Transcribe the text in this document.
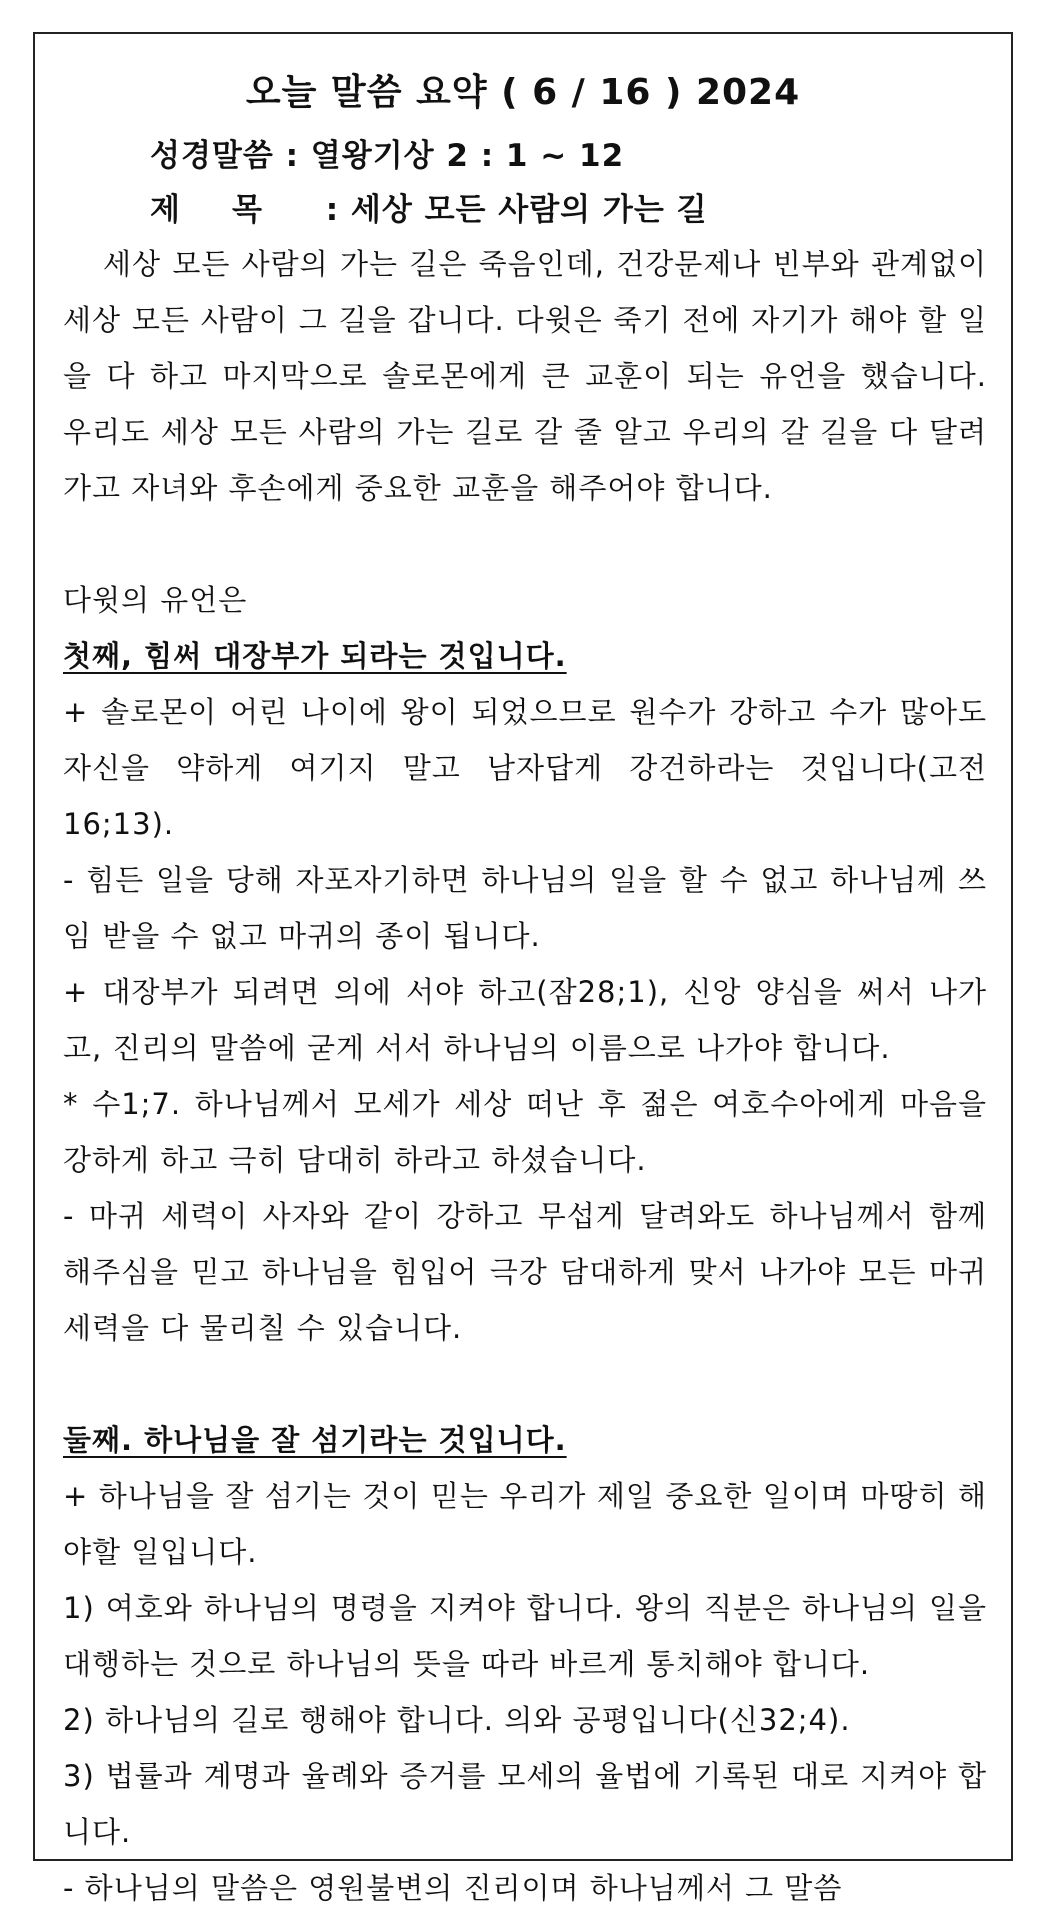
오늘 말씀 요약 ( 6 / 16 ) 2024
성경말씀 : 열왕기상 2 : 1 ~ 12
제목 : 세상 모든 사람의 가는 길

세상 모든 사람의 가는 길은 죽음인데, 건강문제나 빈부와 관계없이 세상 모든 사람이 그 길을 갑니다. 다윗은 죽기 전에 자기가 해야 할 일을 다 하고 마지막으로 솔로몬에게 큰 교훈이 되는 유언을 했습니다. 우리도 세상 모든 사람의 가는 길로 갈 줄 알고 우리의 갈 길을 다 달려가고 자녀와 후손에게 중요한 교훈을 해주어야 합니다.

다윗의 유언은

첫째, 힘써 대장부가 되라는 것입니다.

+ 솔로몬이 어린 나이에 왕이 되었으므로 원수가 강하고 수가 많아도 자신을 약하게 여기지 말고 남자답게 강건하라는 것입니다(고전16;13).

- 힘든 일을 당해 자포자기하면 하나님의 일을 할 수 없고 하나님께 쓰임 받을 수 없고 마귀의 종이 됩니다.

+ 대장부가 되려면 의에 서야 하고(잠28;1), 신앙 양심을 써서 나가고, 진리의 말씀에 굳게 서서 하나님의 이름으로 나가야 합니다.

* 수1;7. 하나님께서 모세가 세상 떠난 후 젊은 여호수아에게 마음을 강하게 하고 극히 담대히 하라고 하셨습니다.

- 마귀 세력이 사자와 같이 강하고 무섭게 달려와도 하나님께서 함께 해주심을 믿고 하나님을 힘입어 극강 담대하게 맞서 나가야 모든 마귀 세력을 다 물리칠 수 있습니다.

둘째. 하나님을 잘 섬기라는 것입니다.

+ 하나님을 잘 섬기는 것이 믿는 우리가 제일 중요한 일이며 마땅히 해야할 일입니다.

1) 여호와 하나님의 명령을 지켜야 합니다. 왕의 직분은 하나님의 일을 대행하는 것으로 하나님의 뜻을 따라 바르게 통치해야 합니다.

2) 하나님의 길로 행해야 합니다. 의와 공평입니다(신32;4).

3) 법률과 계명과 율례와 증거를 모세의 율법에 기록된 대로 지켜야 합니다.

- 하나님의 말씀은 영원불변의 진리이며 하나님께서 그 말씀
